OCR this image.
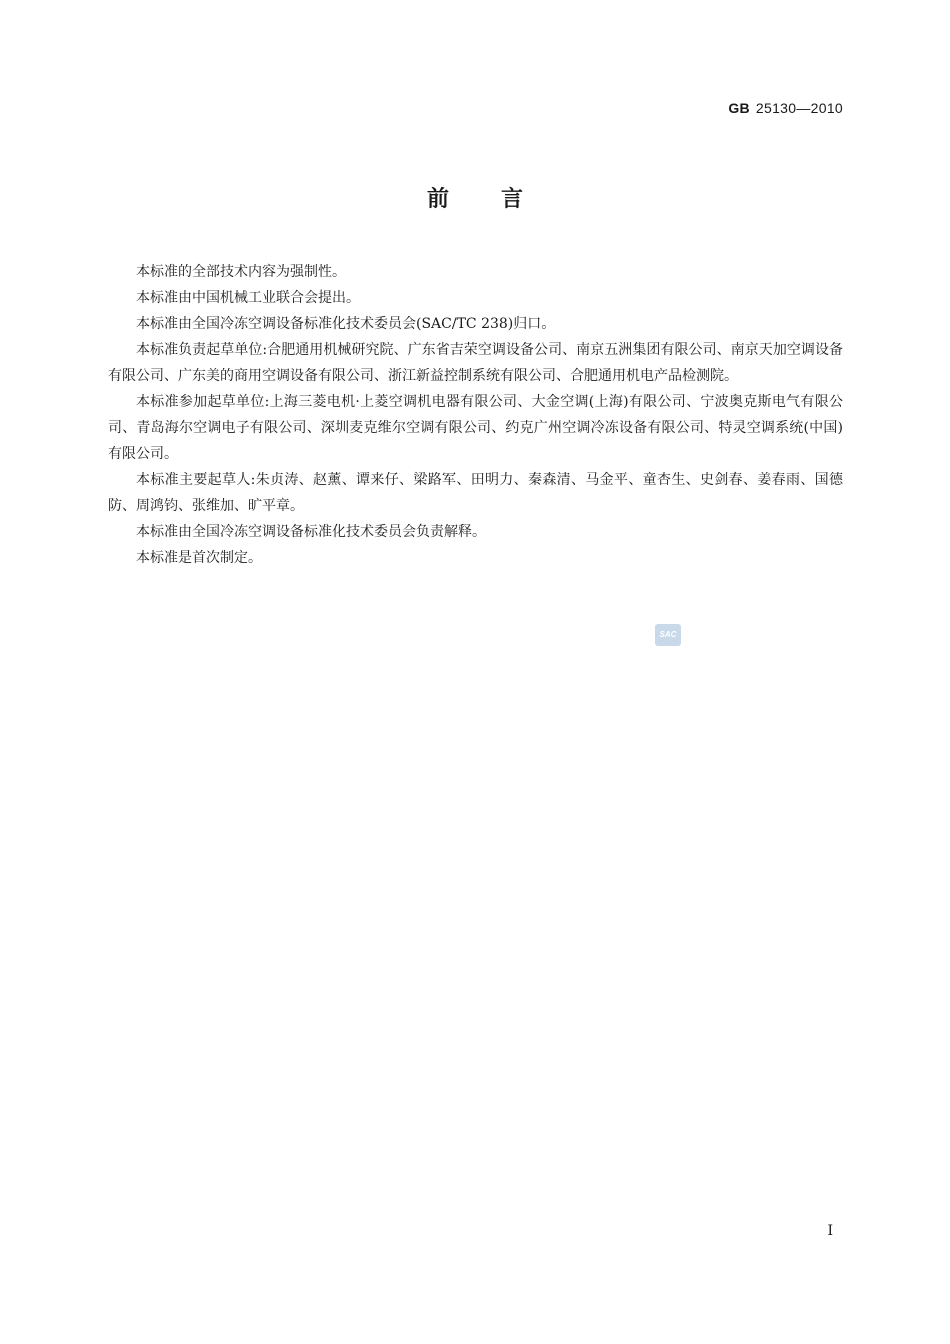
GB 25130—2010
前言

本标准的全部技术内容为强制性。

本标准由中国机械工业联合会提出。

本标准由全国冷冻空调设备标准化技术委员会(SAC/TC 238)归口。

本标准负责起草单位:合肥通用机械研究院、广东省吉荣空调设备公司、南京五洲集团有限公司、南京天加空调设备有限公司、广东美的商用空调设备有限公司、浙江新益控制系统有限公司、合肥通用机电产品检测院。

本标准参加起草单位:上海三菱电机·上菱空调机电器有限公司、大金空调(上海)有限公司、宁波奥克斯电气有限公司、青岛海尔空调电子有限公司、深圳麦克维尔空调有限公司、约克广州空调冷冻设备有限公司、特灵空调系统(中国)有限公司。

本标准主要起草人:朱贞涛、赵薰、谭来仔、梁路军、田明力、秦森清、马金平、童杏生、史剑春、姜春雨、国德防、周鸿钧、张维加、旷平章。

本标准由全国冷冻空调设备标准化技术委员会负责解释。

本标准是首次制定。

SAC
I
